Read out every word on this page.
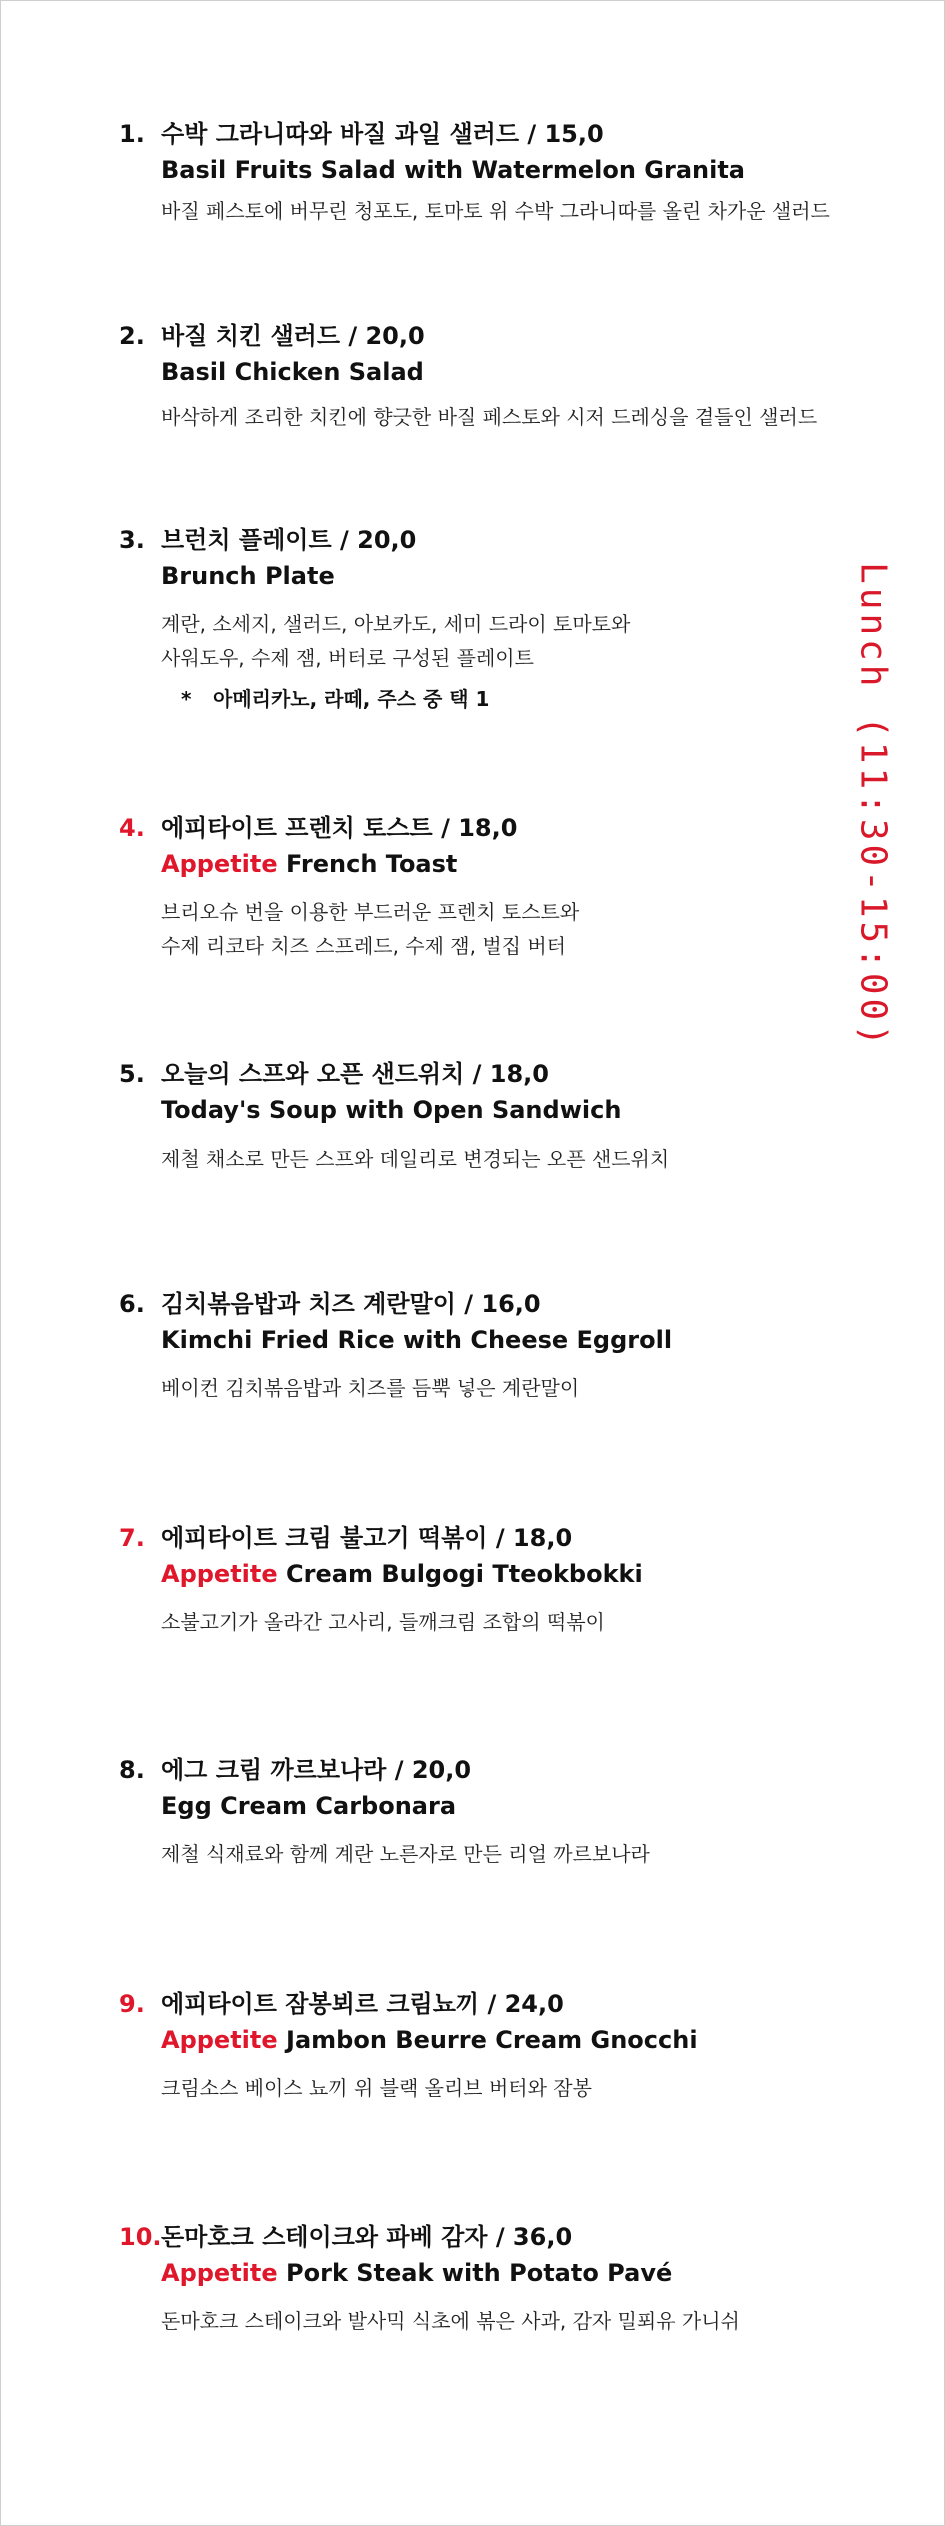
1. 수박 그라니따와 바질 과일 샐러드 / 15,0
Basil Fruits Salad with Watermelon Granita
바질 페스토에 버무린 청포도, 토마토 위 수박 그라니따를 올린 차가운 샐러드
2. 바질 치킨 샐러드 / 20,0
Basil Chicken Salad
바삭하게 조리한 치킨에 향긋한 바질 페스토와 시저 드레싱을 곁들인 샐러드
3. 브런치 플레이트 / 20,0
Brunch Plate
계란, 소세지, 샐러드, 아보카도, 세미 드라이 토마토와
사워도우, 수제 잼, 버터로 구성된 플레이트
* 아메리카노, 라떼, 주스 중 택 1
4. 에피타이트 프렌치 토스트 / 18,0
Appetite French Toast
브리오슈 번을 이용한 부드러운 프렌치 토스트와
수제 리코타 치즈 스프레드, 수제 잼, 벌집 버터
5. 오늘의 스프와 오픈 샌드위치 / 18,0
Today's Soup with Open Sandwich
제철 채소로 만든 스프와 데일리로 변경되는 오픈 샌드위치
6. 김치볶음밥과 치즈 계란말이 / 16,0
Kimchi Fried Rice with Cheese Eggroll
베이컨 김치볶음밥과 치즈를 듬뿍 넣은 계란말이
7. 에피타이트 크림 불고기 떡볶이 / 18,0
Appetite Cream Bulgogi Tteokbokki
소불고기가 올라간 고사리, 들깨크림 조합의 떡볶이
8. 에그 크림 까르보나라 / 20,0
Egg Cream Carbonara
제철 식재료와 함께 계란 노른자로 만든 리얼 까르보나라
9. 에피타이트 잠봉뵈르 크림뇨끼 / 24,0
Appetite Jambon Beurre Cream Gnocchi
크림소스 베이스 뇨끼 위 블랙 올리브 버터와 잠봉
10. 돈마호크 스테이크와 파베 감자 / 36,0
Appetite Pork Steak with Potato Pavé
돈마호크 스테이크와 발사믹 식초에 볶은 사과, 감자 밀푀유 가니쉬
Lunch (11:30-15:00)
